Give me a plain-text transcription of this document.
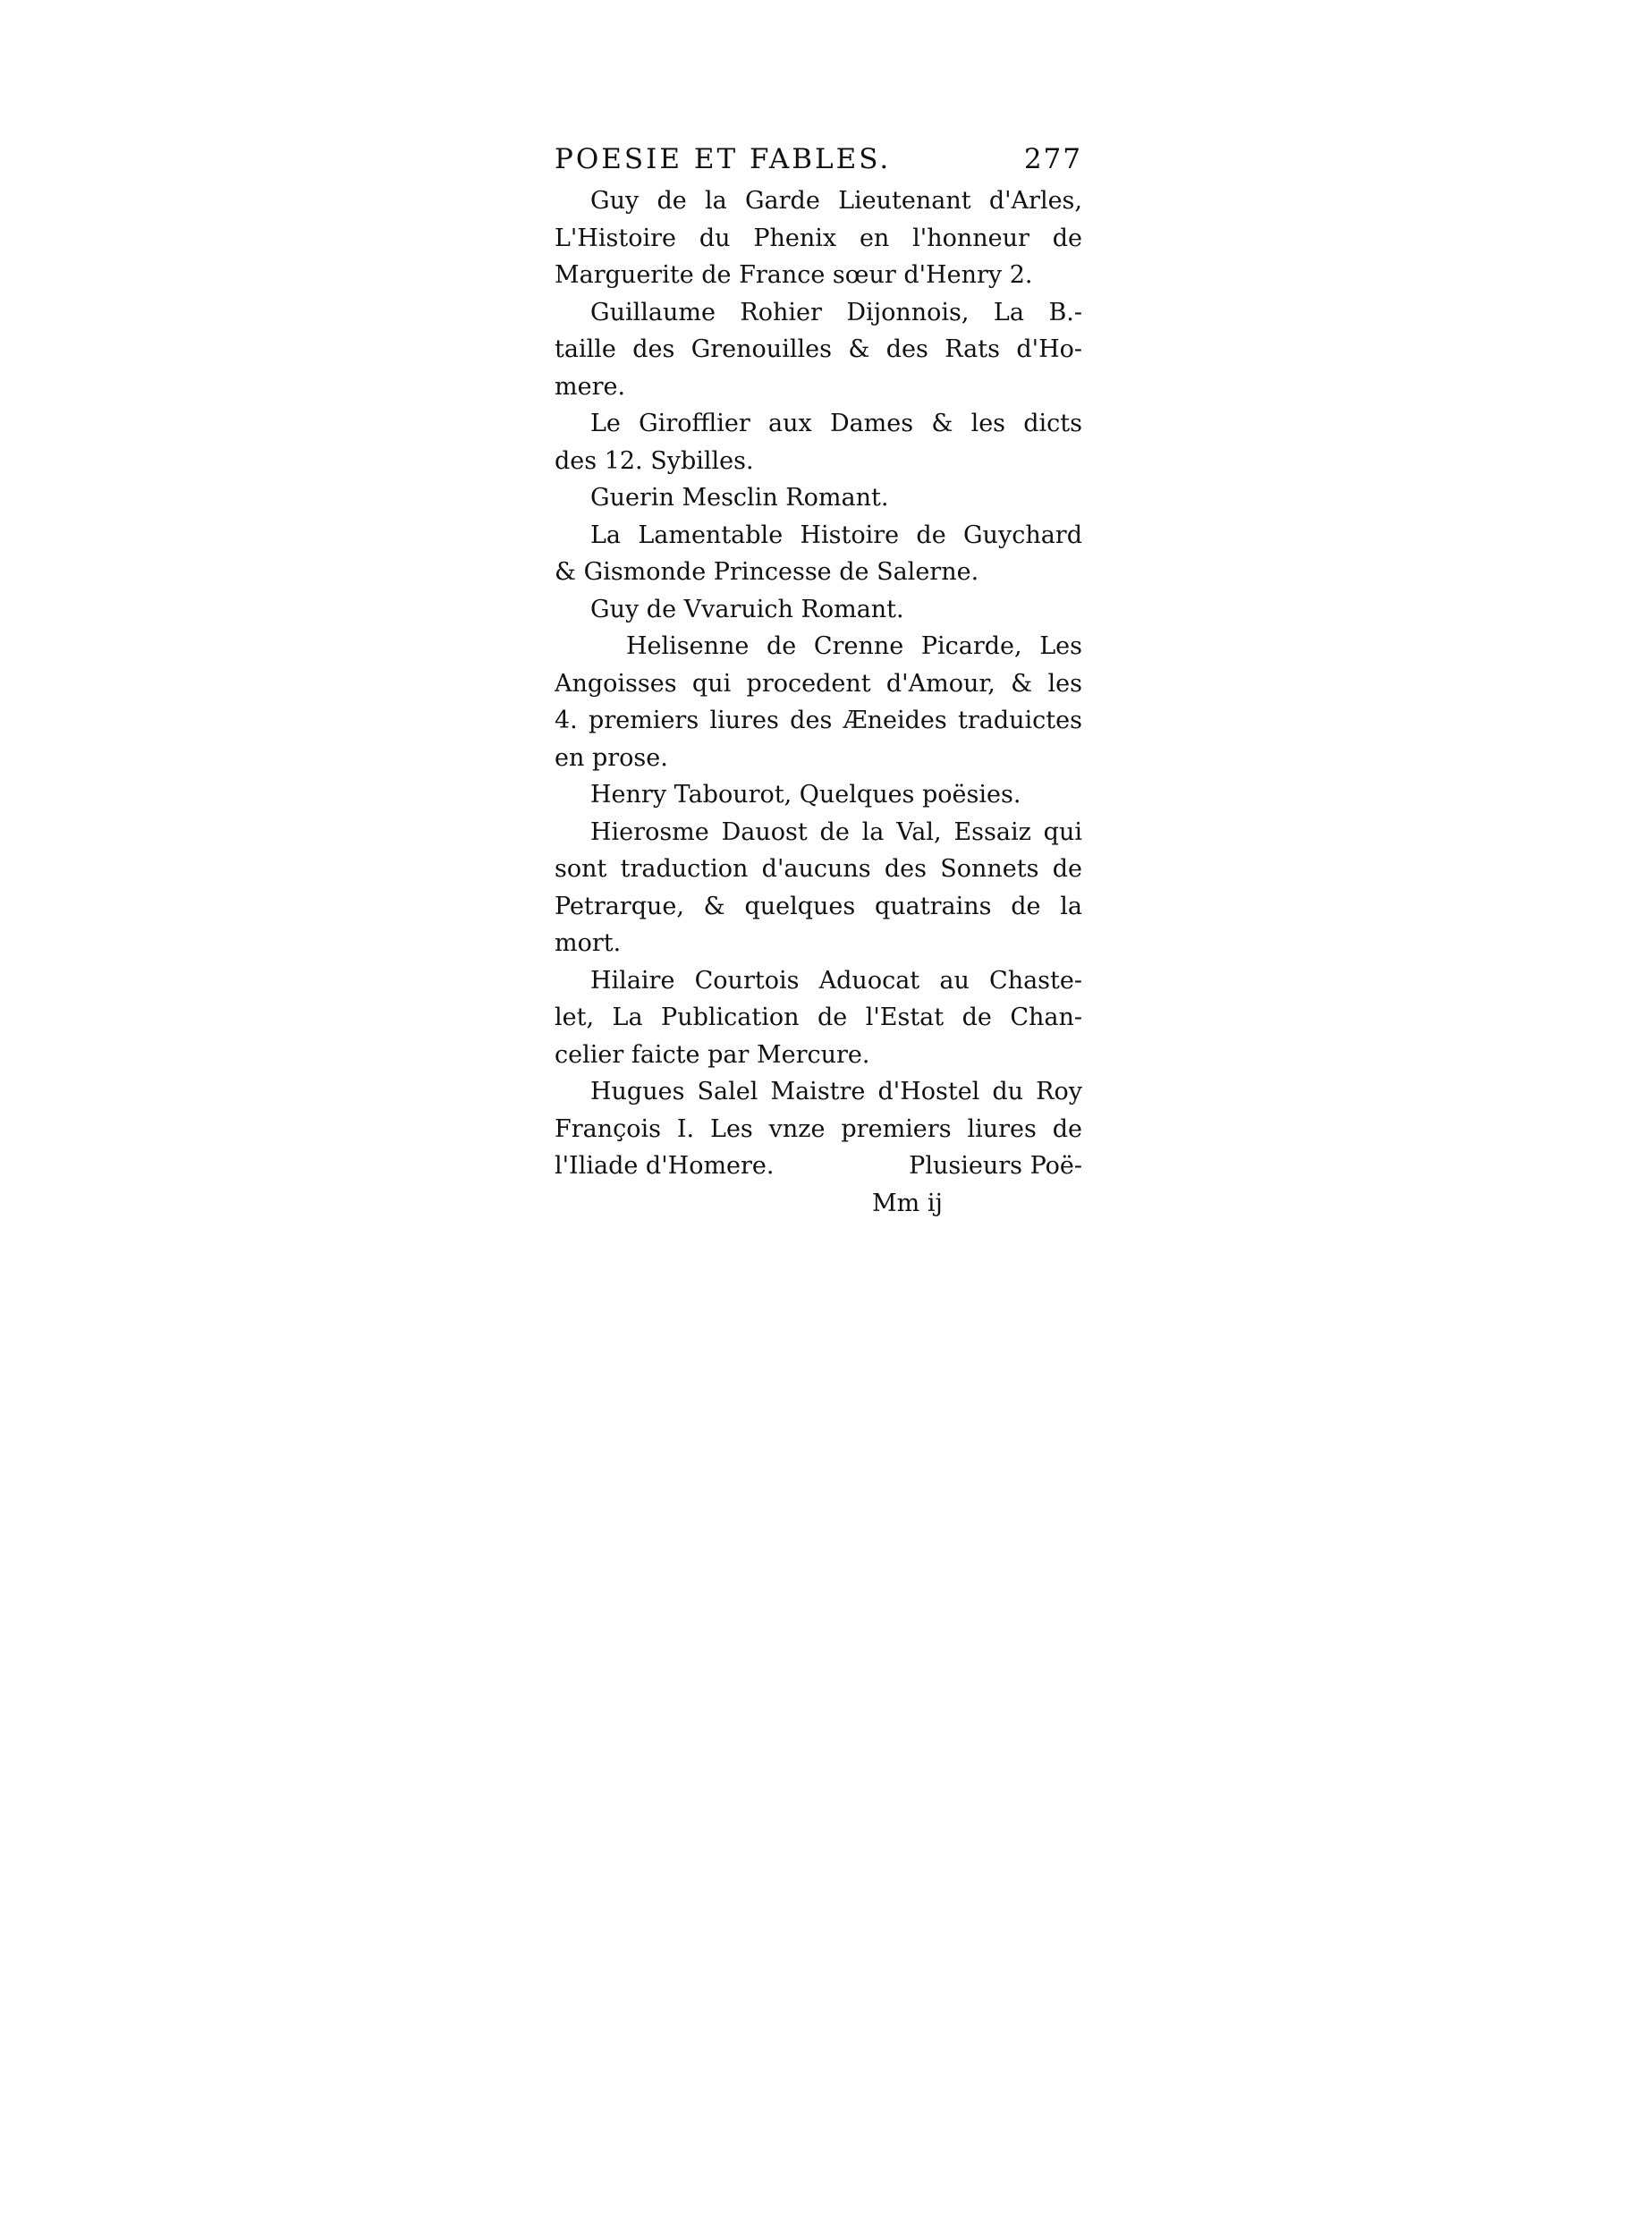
POESIE ET FABLES.	277

Guy de la Garde Lieutenant d'Arles,

L'Histoire du Phenix en l'honneur de

Marguerite de France sœur d'Henry 2.

Guillaume Rohier Dijonnois, La B.-

taille des Grenouilles & des Rats d'Ho-

mere.

Le Girofflier aux Dames & les dicts

des 12. Sybilles.

Guerin Mesclin Romant.

La Lamentable Histoire de Guychard

& Gismonde Princesse de Salerne.

Guy de Vvaruich Romant.

Helisenne de Crenne Picarde, Les

Angoisses qui procedent d'Amour, & les

4. premiers liures des Æneides traduictes

en prose.

Henry Tabourot, Quelques poësies.

Hierosme Dauost de la Val, Essaiz qui

sont traduction d'aucuns des Sonnets de

Petrarque, & quelques quatrains de la

mort.

Hilaire Courtois Aduocat au Chaste-

let, La Publication de l'Estat de Chan-

celier faicte par Mercure.

Hugues Salel Maistre d'Hostel du Roy

François I. Les vnze premiers liures de

l'Iliade d'Homere.	Plusieurs Poë-

Mm ij
